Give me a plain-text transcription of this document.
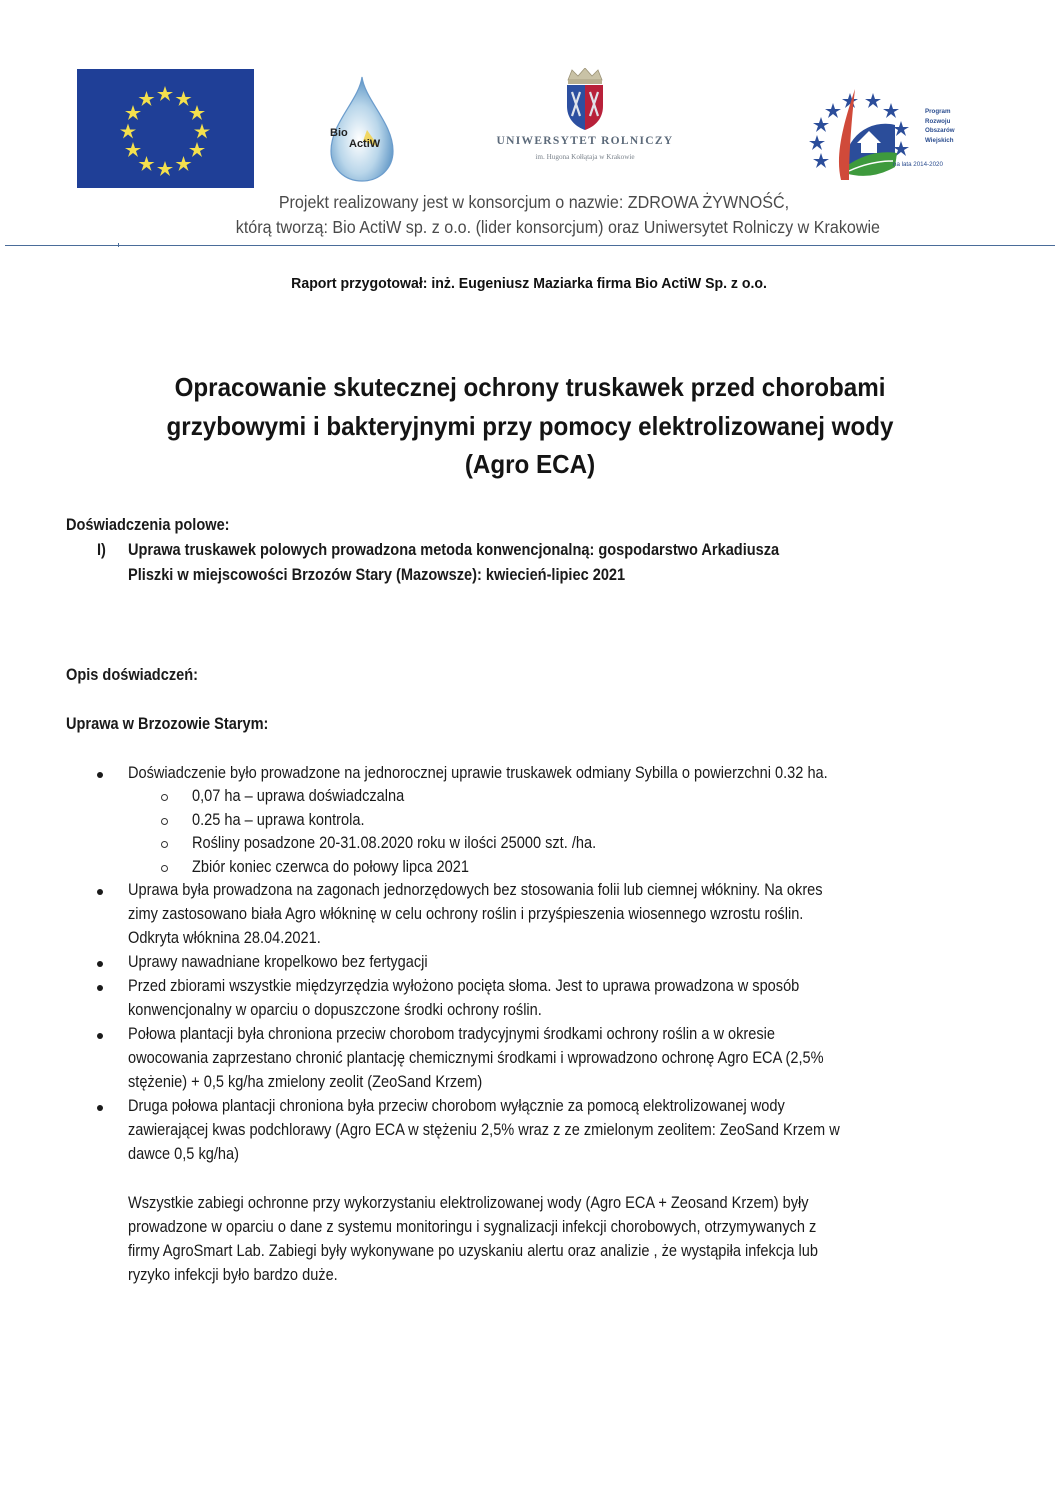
Bio
ActiW	UNIWERSYTET ROLNICZY
im. Hugona Kołłątaja w Krakowie
Program
Rozwoju
Obszarów
Wiejskich
na lata 2014-2020
Projekt realizowany jest w konsorcjum o nazwie: ZDROWA ŻYWNOŚĆ,
którą tworzą: Bio ActiW sp. z o.o. (lider konsorcjum) oraz Uniwersytet Rolniczy w Krakowie
Raport przygotował: inż. Eugeniusz Maziarka firma Bio ActiW Sp. z o.o.
Opracowanie skutecznej ochrony truskawek przed chorobami
grzybowymi i bakteryjnymi przy pomocy elektrolizowanej wody
(Agro ECA)
Doświadczenia polowe:
I) Uprawa truskawek polowych prowadzona metoda konwencjonalną: gospodarstwo Arkadiusza
Pliszki w miejscowości Brzozów Stary (Mazowsze): kwiecień-lipiec 2021
Opis doświadczeń:
Uprawa w Brzozowie Starym:
Doświadczenie było prowadzone na jednorocznej uprawie truskawek odmiany Sybilla o powierzchni 0.32 ha.
0,07 ha – uprawa doświadczalna
0.25 ha – uprawa kontrola.
Rośliny posadzone 20-31.08.2020 roku w ilości 25000 szt. /ha.
Zbiór koniec czerwca do połowy lipca 2021
Uprawa była prowadzona na zagonach jednorzędowych bez stosowania folii lub ciemnej włókniny. Na okres
zimy zastosowano biała Agro włókninę w celu ochrony roślin i przyśpieszenia wiosennego wzrostu roślin.
Odkryta włóknina 28.04.2021.
Uprawy nawadniane kropelkowo bez fertygacji
Przed zbiorami wszystkie międzyrzędzia wyłożono pocięta słoma. Jest to uprawa prowadzona w sposób
konwencjonalny w oparciu o dopuszczone środki ochrony roślin.
Połowa plantacji była chroniona przeciw chorobom tradycyjnymi środkami ochrony roślin a w okresie
owocowania zaprzestano chronić plantację chemicznymi środkami i wprowadzono ochronę Agro ECA (2,5%
stężenie) + 0,5 kg/ha zmielony zeolit (ZeoSand Krzem)
Druga połowa plantacji chroniona była przeciw chorobom wyłącznie za pomocą elektrolizowanej wody
zawierającej kwas podchlorawy (Agro ECA w stężeniu 2,5% wraz z ze zmielonym zeolitem: ZeoSand Krzem w
dawce 0,5 kg/ha)
Wszystkie zabiegi ochronne przy wykorzystaniu elektrolizowanej wody (Agro ECA + Zeosand Krzem) były
prowadzone w oparciu o dane z systemu monitoringu i sygnalizacji infekcji chorobowych, otrzymywanych z
firmy AgroSmart Lab. Zabiegi były wykonywane po uzyskaniu alertu oraz analizie , że wystąpiła infekcja lub
ryzyko infekcji było bardzo duże.
